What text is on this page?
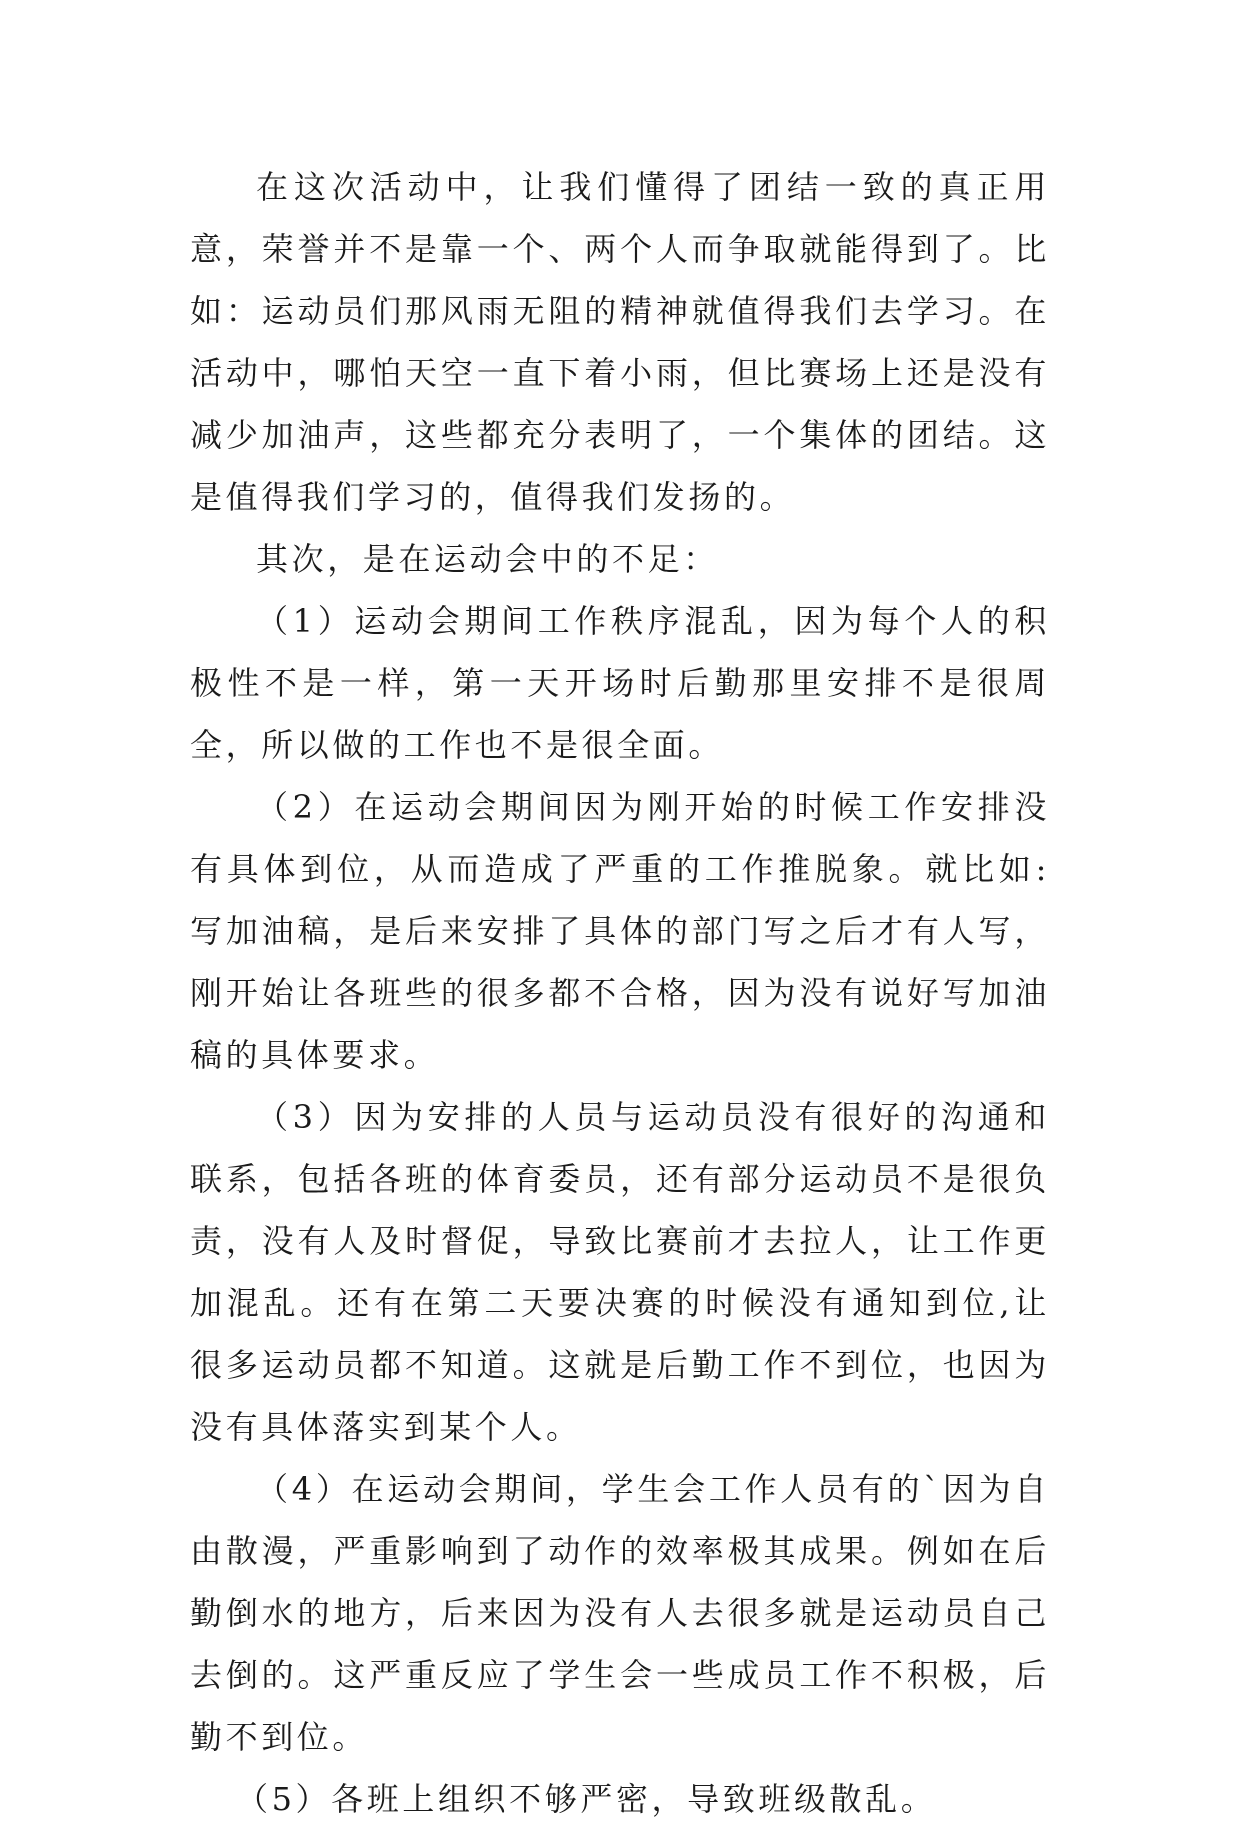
在这次活动中，让我们懂得了团结一致的真正用意，荣誉并不是靠一个、两个人而争取就能得到了。比如：运动员们那风雨无阻的精神就值得我们去学习。在活动中，哪怕天空一直下着小雨，但比赛场上还是没有减少加油声，这些都充分表明了，一个集体的团结。这是值得我们学习的，值得我们发扬的。

其次，是在运动会中的不足：

（1）运动会期间工作秩序混乱，因为每个人的积极性不是一样，第一天开场时后勤那里安排不是很周全，所以做的工作也不是很全面。

（2）在运动会期间因为刚开始的时候工作安排没有具体到位，从而造成了严重的工作推脱象。就比如:写加油稿，是后来安排了具体的部门写之后才有人写，刚开始让各班些的很多都不合格，因为没有说好写加油稿的具体要求。

（3）因为安排的人员与运动员没有很好的沟通和联系，包括各班的体育委员，还有部分运动员不是很负责，没有人及时督促，导致比赛前才去拉人，让工作更加混乱。还有在第二天要决赛的时候没有通知到位,让很多运动员都不知道。这就是后勤工作不到位，也因为没有具体落实到某个人。

（4）在运动会期间，学生会工作人员有的`因为自由散漫，严重影响到了动作的效率极其成果。例如在后勤倒水的地方，后来因为没有人去很多就是运动员自己去倒的。这严重反应了学生会一些成员工作不积极，后勤不到位。

（5）各班上组织不够严密，导致班级散乱。
